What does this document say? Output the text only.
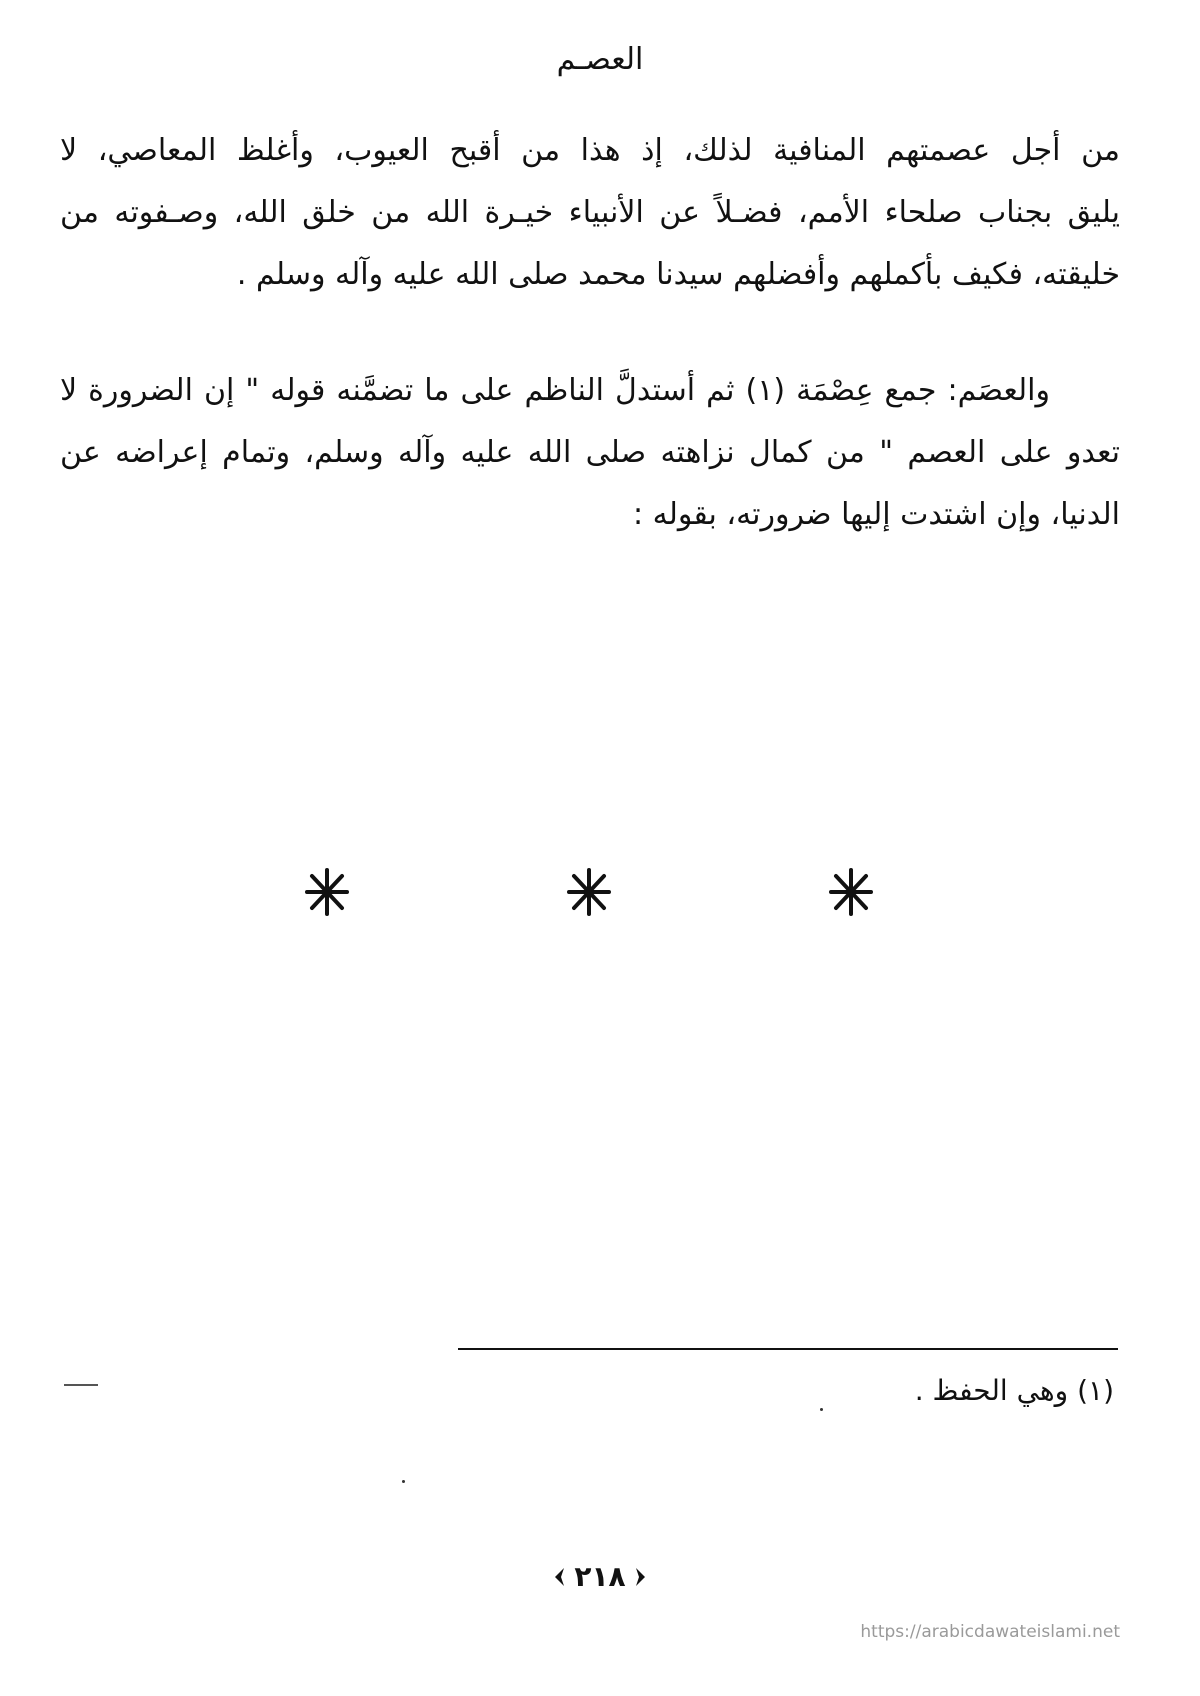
العصـم
من أجل عصمتهم المنافية لذلك، إذ هذا من أقبح العيوب، وأغلظ المعاصي، لا
يليق بجناب صلحاء الأمم، فضـلاً عن الأنبياء خيـرة الله من خلق الله، وصـفوته من
خليقته، فكيف بأكملهم وأفضلهم سيدنا محمد صلى الله عليه وآله وسلم .
والعصَم: جمع عِصْمَة (١) ثم أستدلَّ الناظم على ما تضمَّنه قوله " إن الضرورة لا
تعدو على العصم " من كمال نزاهته صلى الله عليه وآله وسلم، وتمام إعراضه عن
الدنيا، وإن اشتدت إليها ضرورته، بقوله :
(١) وهي الحفظ .
٢١٨
https://arabicdawateislami.net
